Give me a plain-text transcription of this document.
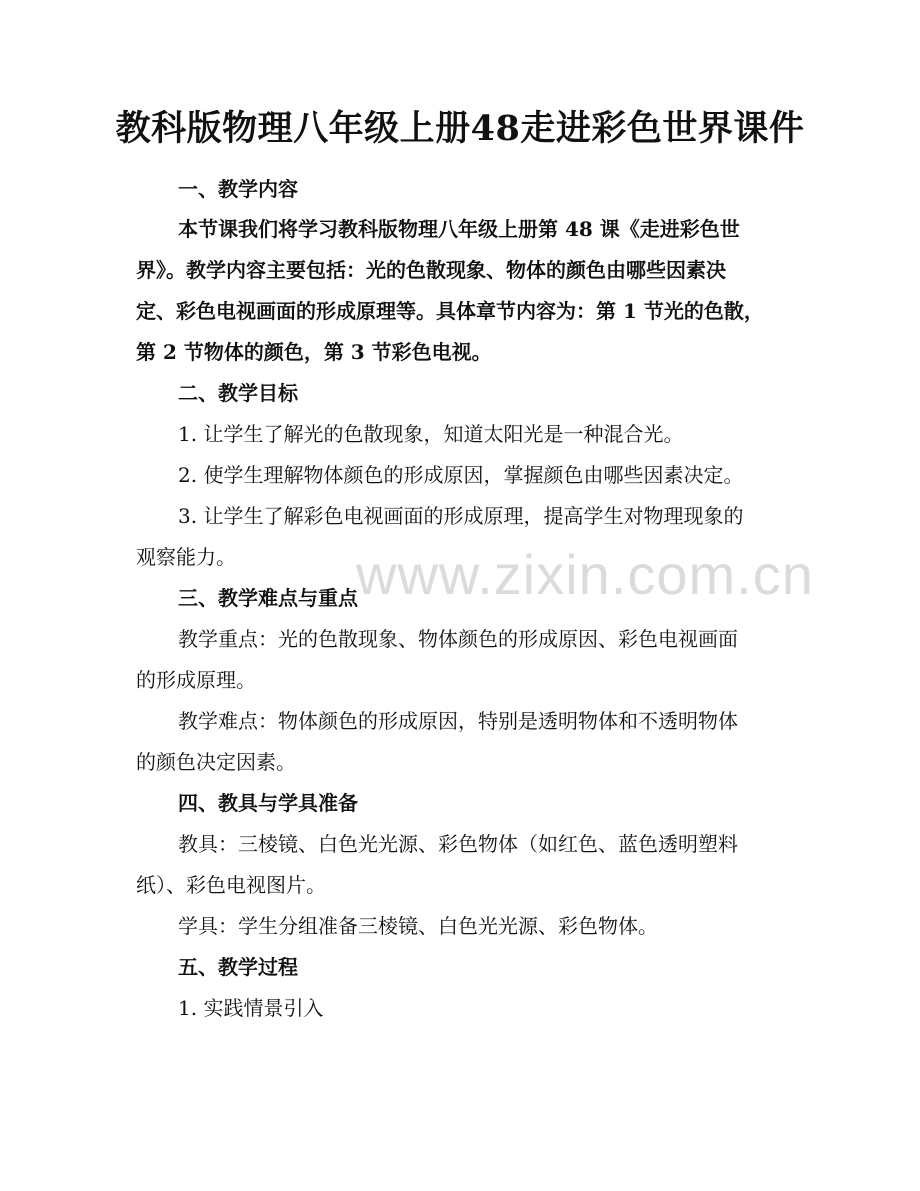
教科版物理八年级上册48走进彩色世界课件
一、教学内容
本节课我们将学习教科版物理八年级上册第 48 课《走进彩色世
界》。教学内容主要包括：光的色散现象、物体的颜色由哪些因素决
定、彩色电视画面的形成原理等。具体章节内容为：第 1 节光的色散，
第 2 节物体的颜色，第 3 节彩色电视。
二、教学目标
1. 让学生了解光的色散现象，知道太阳光是一种混合光。
2. 使学生理解物体颜色的形成原因，掌握颜色由哪些因素决定。
3. 让学生了解彩色电视画面的形成原理，提高学生对物理现象的
观察能力。
三、教学难点与重点
教学重点：光的色散现象、物体颜色的形成原因、彩色电视画面
的形成原理。
教学难点：物体颜色的形成原因，特别是透明物体和不透明物体
的颜色决定因素。
四、教具与学具准备
教具：三棱镜、白色光光源、彩色物体（如红色、蓝色透明塑料
纸）、彩色电视图片。
学具：学生分组准备三棱镜、白色光光源、彩色物体。
五、教学过程
1. 实践情景引入
www.zixin.com.cn
